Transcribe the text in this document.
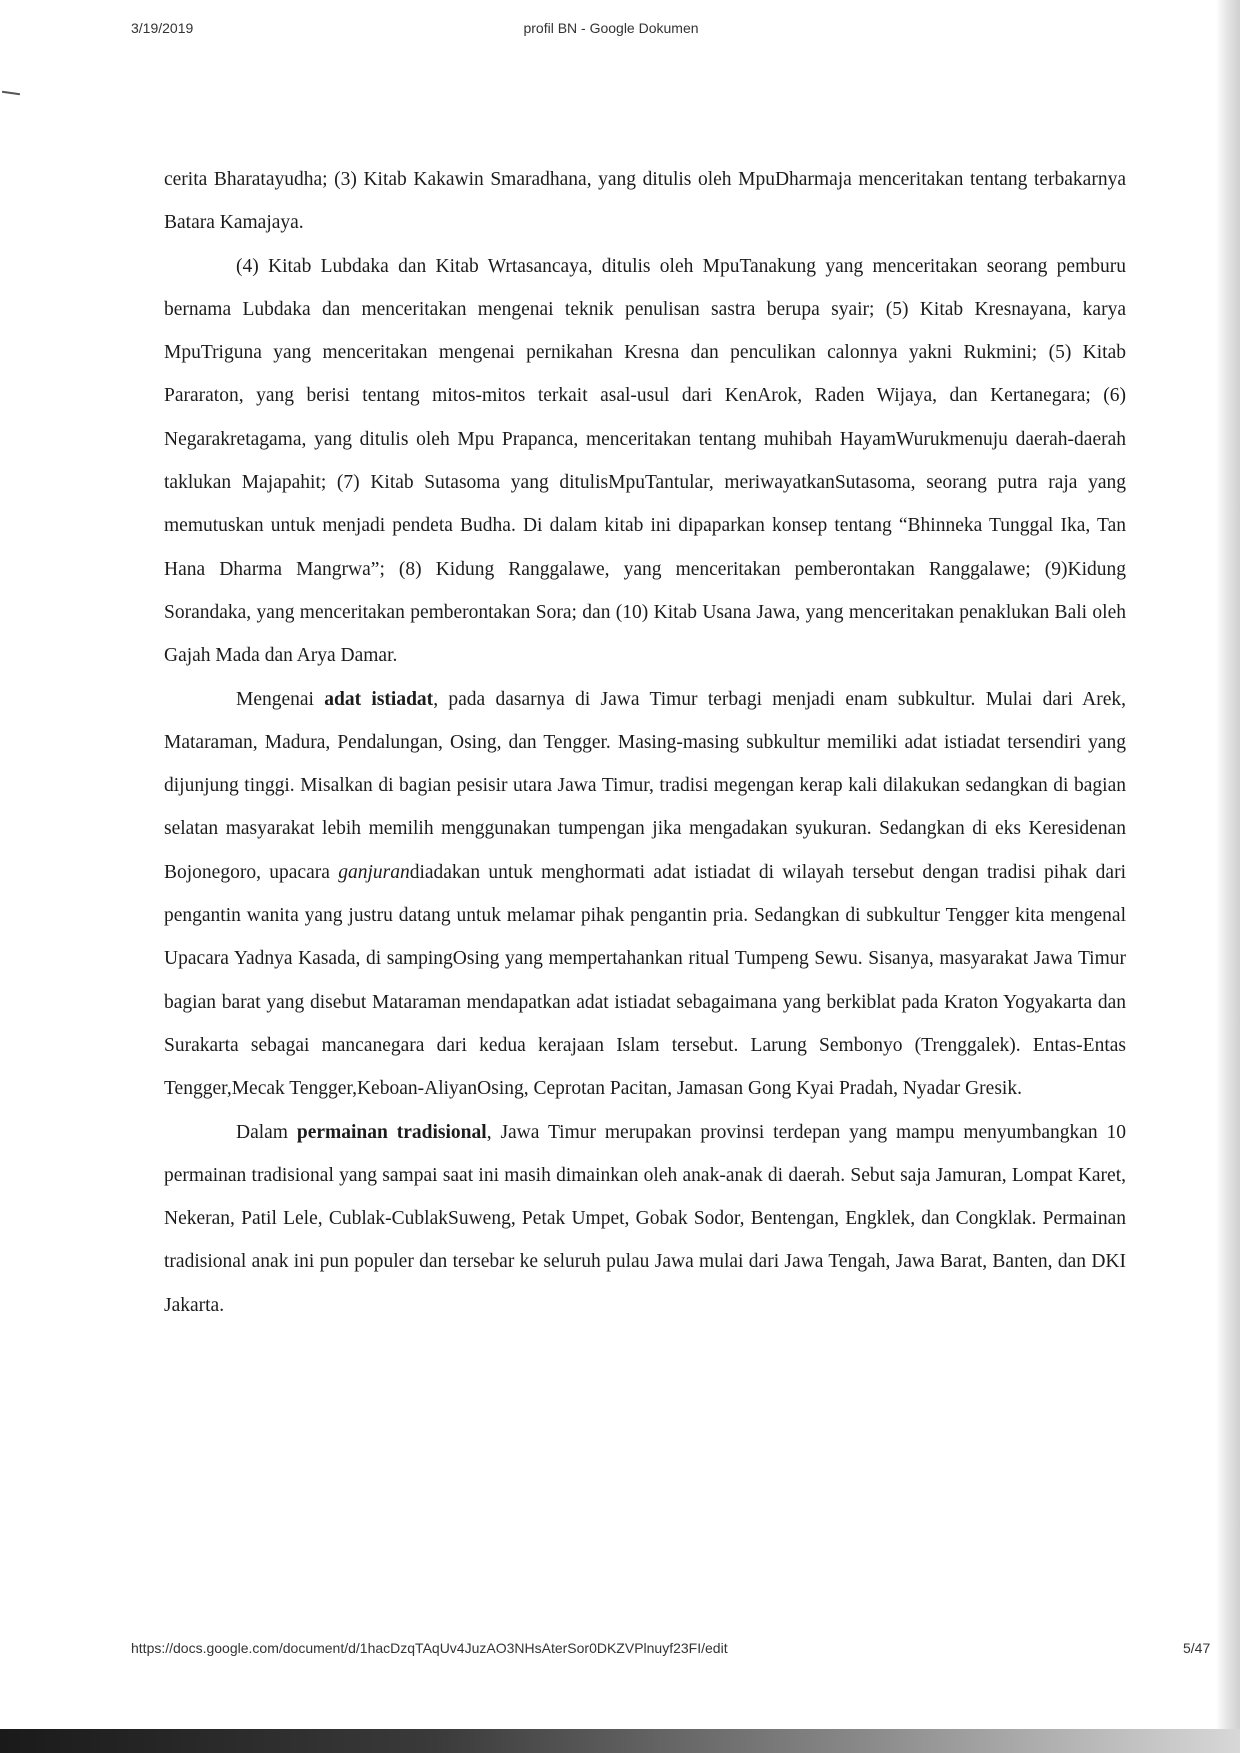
3/19/2019	profil BN - Google Dokumen

cerita Bharatayudha; (3) Kitab Kakawin Smaradhana, yang ditulis oleh MpuDharmaja menceritakan tentang terbakarnya Batara Kamajaya.

(4) Kitab Lubdaka dan Kitab Wrtasancaya, ditulis oleh MpuTanakung yang menceritakan seorang pemburu bernama Lubdaka dan menceritakan mengenai teknik penulisan sastra berupa syair; (5) Kitab Kresnayana, karya MpuTriguna yang menceritakan mengenai pernikahan Kresna dan penculikan calonnya yakni Rukmini; (5) Kitab Pararaton, yang berisi tentang mitos-mitos terkait asal-usul dari KenArok, Raden Wijaya, dan Kertanegara; (6) Negarakretagama, yang ditulis oleh Mpu Prapanca, menceritakan tentang muhibah HayamWurukmenuju daerah-daerah taklukan Majapahit; (7) Kitab Sutasoma yang ditulisMpuTantular, meriwayatkanSutasoma, seorang putra raja yang memutuskan untuk menjadi pendeta Budha. Di dalam kitab ini dipaparkan konsep tentang “Bhinneka Tunggal Ika, Tan Hana Dharma Mangrwa”; (8) Kidung Ranggalawe, yang menceritakan pemberontakan Ranggalawe; (9)Kidung Sorandaka, yang menceritakan pemberontakan Sora; dan (10) Kitab Usana Jawa, yang menceritakan penaklukan Bali oleh Gajah Mada dan Arya Damar.

Mengenai adat istiadat, pada dasarnya di Jawa Timur terbagi menjadi enam subkultur. Mulai dari Arek, Mataraman, Madura, Pendalungan, Osing, dan Tengger. Masing-masing subkultur memiliki adat istiadat tersendiri yang dijunjung tinggi. Misalkan di bagian pesisir utara Jawa Timur, tradisi megengan kerap kali dilakukan sedangkan di bagian selatan masyarakat lebih memilih menggunakan tumpengan jika mengadakan syukuran. Sedangkan di eks Keresidenan Bojonegoro, upacara ganjurandiadakan untuk menghormati adat istiadat di wilayah tersebut dengan tradisi pihak dari pengantin wanita yang justru datang untuk melamar pihak pengantin pria. Sedangkan di subkultur Tengger kita mengenal Upacara Yadnya Kasada, di sampingOsing yang mempertahankan ritual Tumpeng Sewu. Sisanya, masyarakat Jawa Timur bagian barat yang disebut Mataraman mendapatkan adat istiadat sebagaimana yang berkiblat pada Kraton Yogyakarta dan Surakarta sebagai mancanegara dari kedua kerajaan Islam tersebut. Larung Sembonyo (Trenggalek). Entas-Entas Tengger,Mecak Tengger,Keboan-AliyanOsing, Ceprotan Pacitan, Jamasan Gong Kyai Pradah, Nyadar Gresik.

Dalam permainan tradisional, Jawa Timur merupakan provinsi terdepan yang mampu menyumbangkan 10 permainan tradisional yang sampai saat ini masih dimainkan oleh anak-anak di daerah. Sebut saja Jamuran, Lompat Karet, Nekeran, Patil Lele, Cublak-CublakSuweng, Petak Umpet, Gobak Sodor, Bentengan, Engklek, dan Congklak. Permainan tradisional anak ini pun populer dan tersebar ke seluruh pulau Jawa mulai dari Jawa Tengah, Jawa Barat, Banten, dan DKI Jakarta.

https://docs.google.com/document/d/1hacDzqTAqUv4JuzAO3NHsAterSor0DKZVPlnuyf23FI/edit	5/47
